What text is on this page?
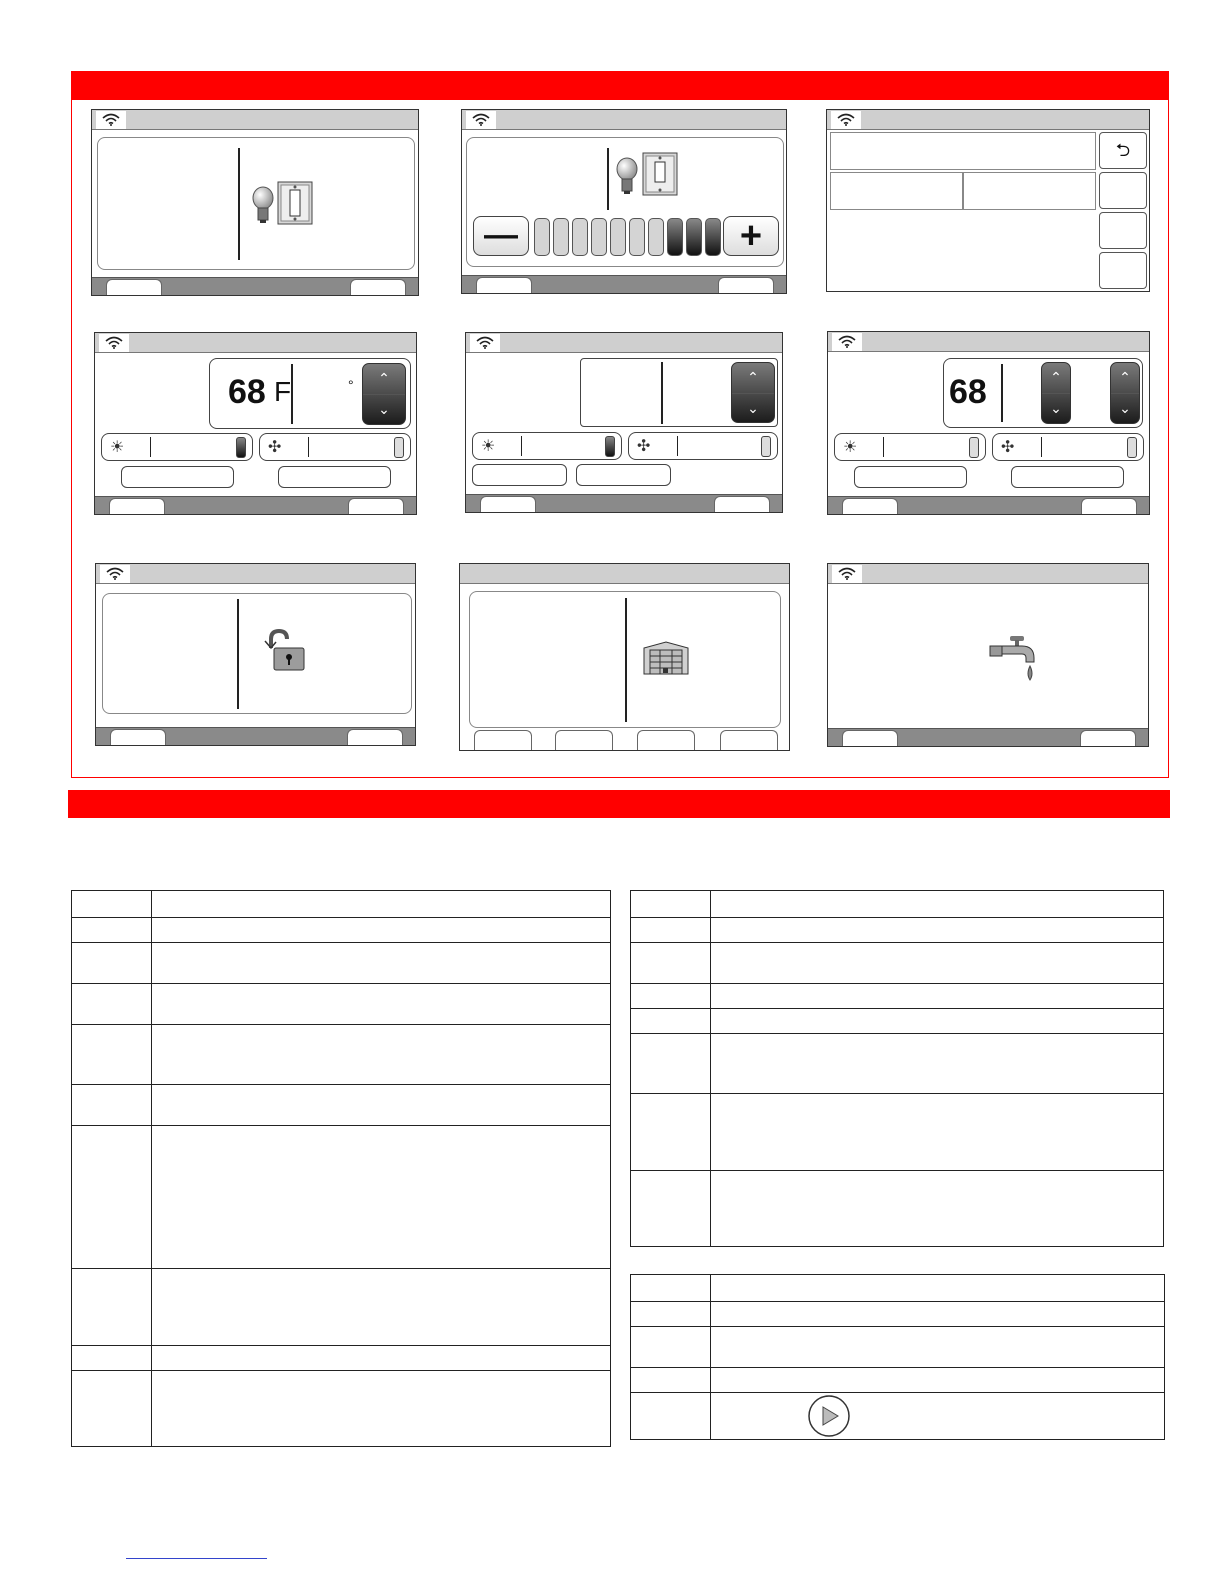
—	+
⮌
68 F	°	⌃
⌄
☀	✣
⌃
⌄
☀	✣
68	⌃
⌄
⌃
⌄
☀	✣
